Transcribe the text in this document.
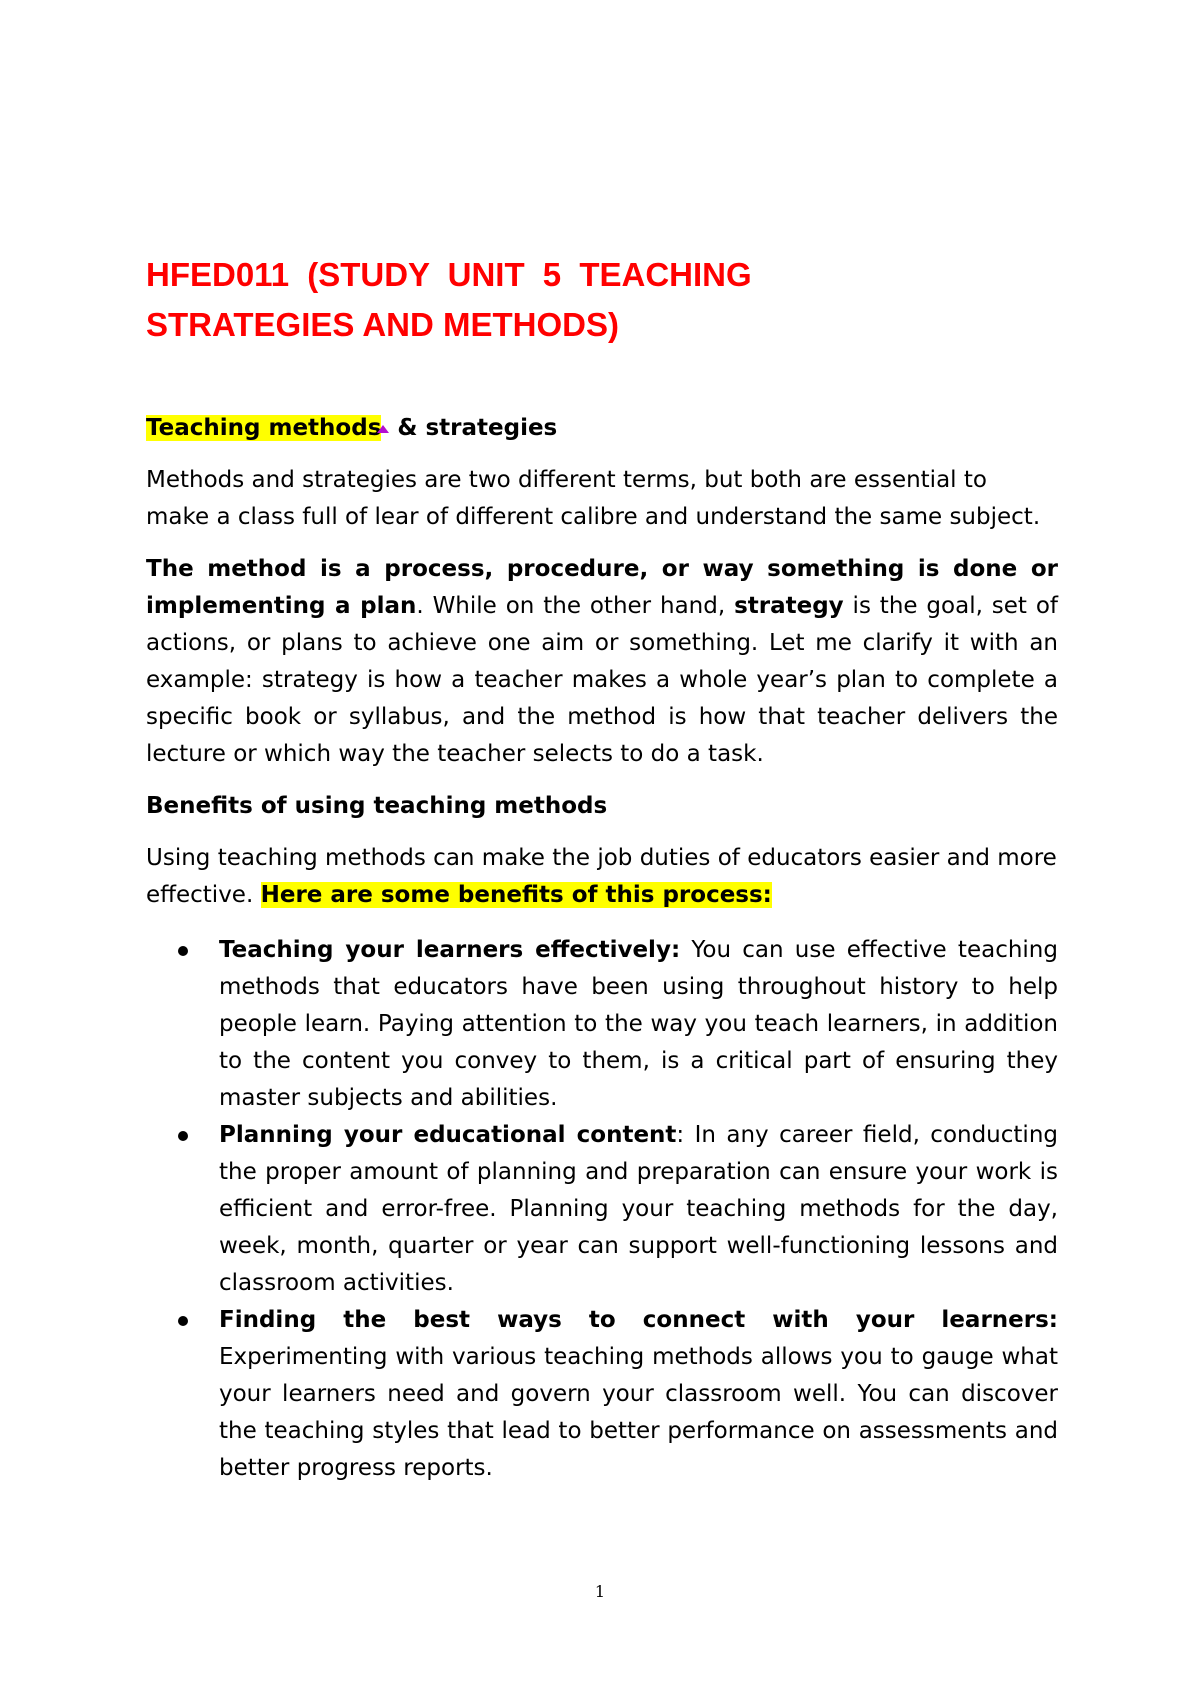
HFED011 (STUDY UNIT 5 TEACHING
STRATEGIES AND METHODS)

Teaching methods & strategies

Methods and strategies are two different terms, but both are essential to
make a class full of lear of different calibre and understand the same subject.

The method is a process, procedure, or way something is done or implementing a plan. While on the other hand, strategy is the goal, set of actions, or plans to achieve one aim or something. Let me clarify it with an example: strategy is how a teacher makes a whole year’s plan to complete a specific book or syllabus, and the method is how that teacher delivers the lecture or which way the teacher selects to do a task.

Benefits of using teaching methods

Using teaching methods can make the job duties of educators easier and more effective. Here are some benefits of this process:

Teaching your learners effectively: You can use effective teaching methods that educators have been using throughout history to help people learn. Paying attention to the way you teach learners, in addition to the content you convey to them, is a critical part of ensuring they master subjects and abilities.
Planning your educational content: In any career field, conducting the proper amount of planning and preparation can ensure your work is efficient and error-free. Planning your teaching methods for the day, week, month, quarter or year can support well-functioning lessons and classroom activities.
Finding the best ways to connect with your learners: Experimenting with various teaching methods allows you to gauge what your learners need and govern your classroom well. You can discover the teaching styles that lead to better performance on assessments and better progress reports.
1
